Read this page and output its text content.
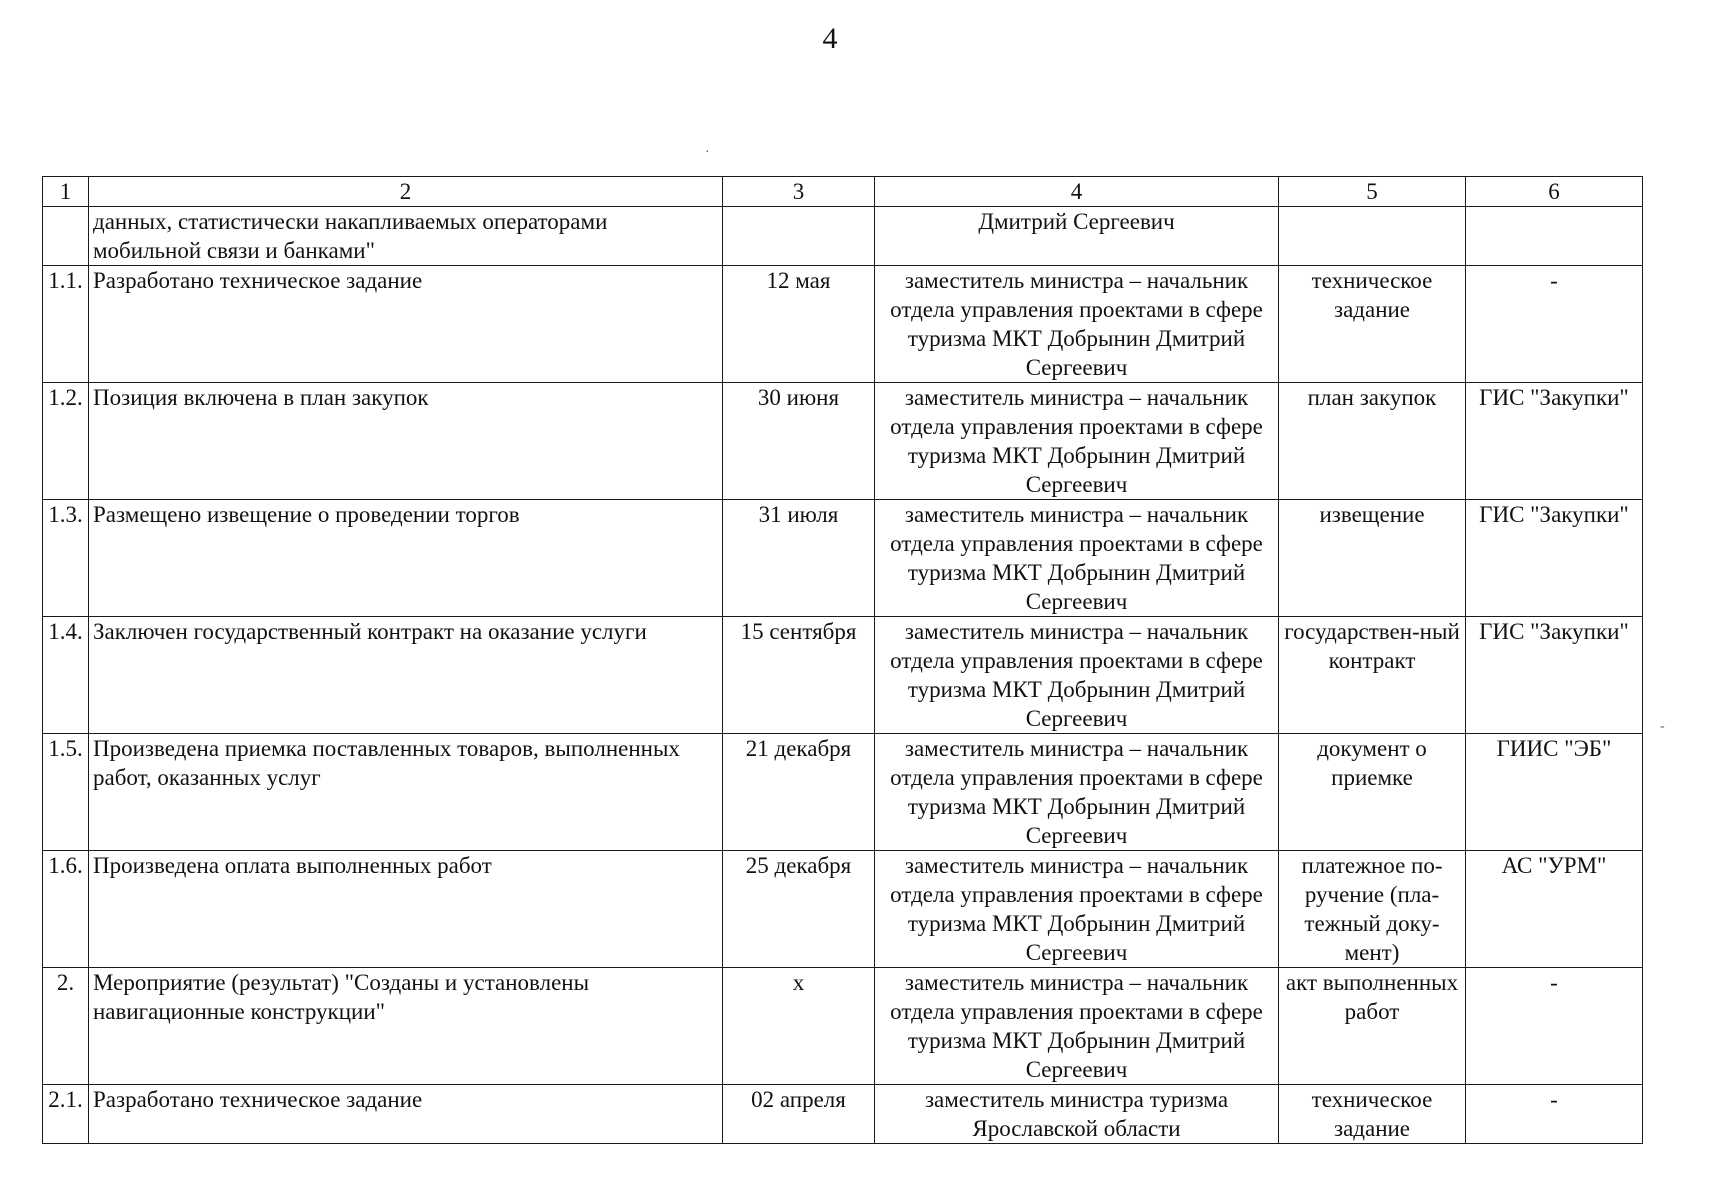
4
·
-
1	2	3	4	5	6
	данных, статистически накапливаемых операторами мобильной связи и банками"		Дмитрий Сергеевич		
1.1.	Разработано техническое задание	12 мая	заместитель министра – начальник отдела управления проектами в сфере туризма МКТ Добрынин Дмитрий Сергеевич	техническое задание	-
1.2.	Позиция включена в план закупок	30 июня	заместитель министра – начальник отдела управления проектами в сфере туризма МКТ Добрынин Дмитрий Сергеевич	план закупок	ГИС "Закупки"
1.3.	Размещено извещение о проведении торгов	31 июля	заместитель министра – начальник отдела управления проектами в сфере туризма МКТ Добрынин Дмитрий Сергеевич	извещение	ГИС "Закупки"
1.4.	Заключен государственный контракт на оказание услуги	15 сентября	заместитель министра – начальник отдела управления проектами в сфере туризма МКТ Добрынин Дмитрий Сергеевич	государствен-ный контракт	ГИС "Закупки"
1.5.	Произведена приемка поставленных товаров, выполненных работ, оказанных услуг	21 декабря	заместитель министра – начальник отдела управления проектами в сфере туризма МКТ Добрынин Дмитрий Сергеевич	документ о приемке	ГИИС "ЭБ"
1.6.	Произведена оплата выполненных работ	25 декабря	заместитель министра – начальник отдела управления проектами в сфере туризма МКТ Добрынин Дмитрий Сергеевич	платежное по-ручение (пла-тежный доку-мент)	АС "УРМ"
2.	Мероприятие (результат) "Созданы и установлены навигационные конструкции"	х	заместитель министра – начальник отдела управления проектами в сфере туризма МКТ Добрынин Дмитрий Сергеевич	акт выполненных работ	-
2.1.	Разработано техническое задание	02 апреля	заместитель министра туризма Ярославской области	техническое задание	-
